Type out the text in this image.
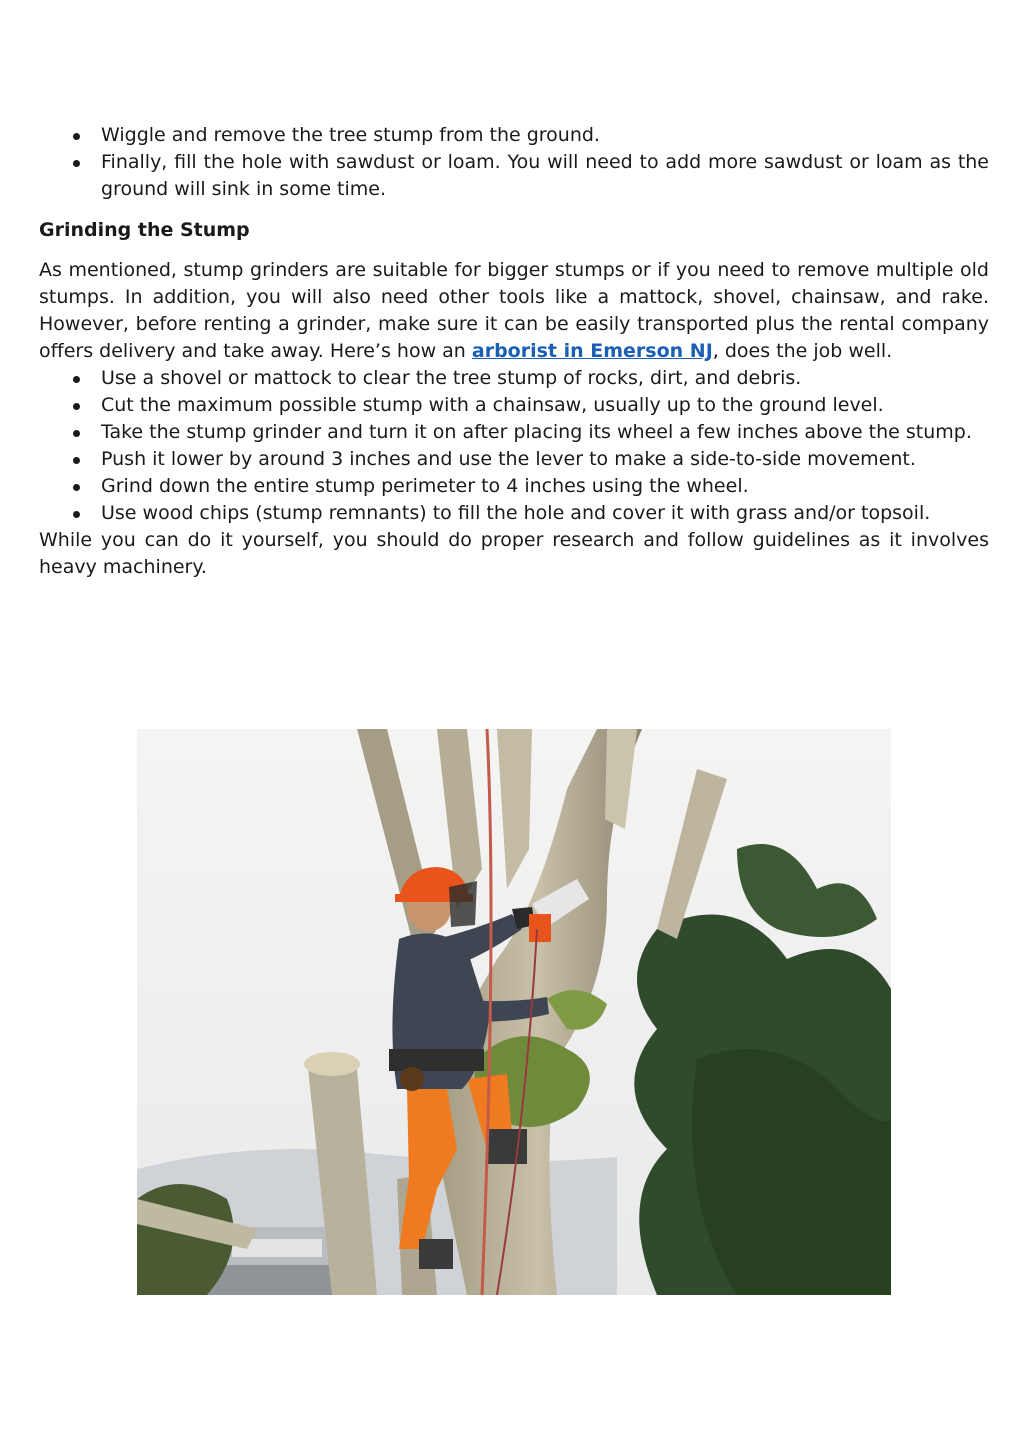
Wiggle and remove the tree stump from the ground.
Finally, fill the hole with sawdust or loam. You will need to add more sawdust or loam as the ground will sink in some time.
Grinding the Stump

As mentioned, stump grinders are suitable for bigger stumps or if you need to remove multiple old stumps. In addition, you will also need other tools like a mattock, shovel, chainsaw, and rake. However, before renting a grinder, make sure it can be easily transported plus the rental company offers delivery and take away. Here’s how an arborist in Emerson NJ, does the job well.

Use a shovel or mattock to clear the tree stump of rocks, dirt, and debris.
Cut the maximum possible stump with a chainsaw, usually up to the ground level.
Take the stump grinder and turn it on after placing its wheel a few inches above the stump.
Push it lower by around 3 inches and use the lever to make a side-to-side movement.
Grind down the entire stump perimeter to 4 inches using the wheel.
Use wood chips (stump remnants) to fill the hole and cover it with grass and/or topsoil.

While you can do it yourself, you should do proper research and follow guidelines as it involves heavy machinery.
